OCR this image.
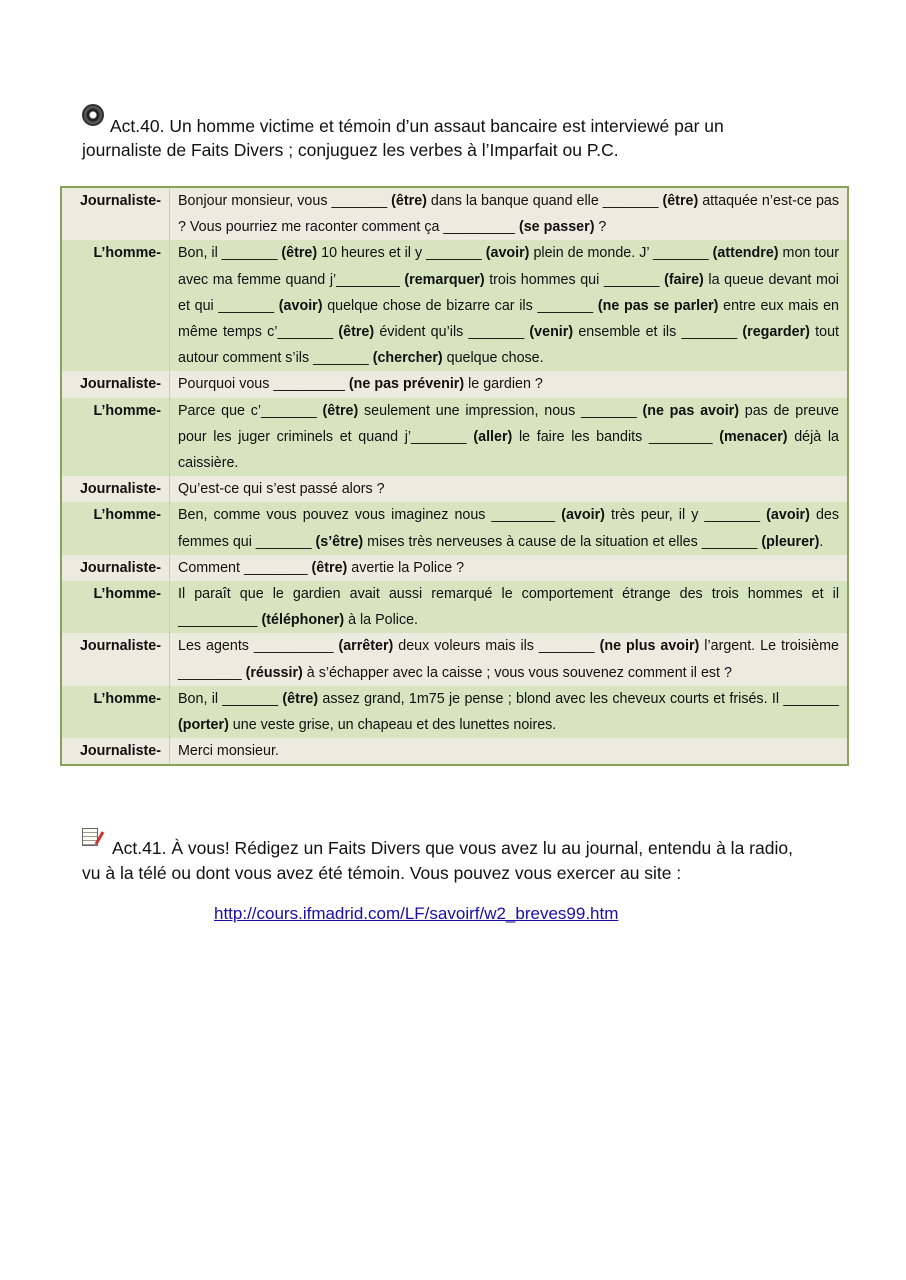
Act.40. Un homme victime et témoin d’un assaut bancaire est interviewé par un journaliste de Faits Divers ; conjuguez les verbes à l’Imparfait ou P.C.
Journaliste-	Bonjour monsieur, vous _______ (être) dans la banque quand elle _______ (être) attaquée n’est-ce pas ? Vous pourriez me raconter comment ça _________ (se passer) ?
L’homme-	Bon, il _______ (être) 10 heures et il y _______ (avoir) plein de monde. J’ _______ (attendre) mon tour avec ma femme quand j’________ (remarquer) trois hommes qui _______ (faire) la queue devant moi et qui _______ (avoir) quelque chose de bizarre car ils _______ (ne pas se parler) entre eux mais en même temps c’_______ (être) évident qu’ils _______ (venir) ensemble et ils _______ (regarder) tout autour comment s’ils _______ (chercher) quelque chose.
Journaliste-	Pourquoi vous _________ (ne pas prévenir) le gardien ?
L’homme-	Parce que c’_______ (être) seulement une impression, nous _______ (ne pas avoir) pas de preuve pour les juger criminels et quand j’_______ (aller) le faire les bandits ________ (menacer) déjà la caissière.
Journaliste-	Qu’est-ce qui s’est passé alors ?
L’homme-	Ben, comme vous pouvez vous imaginez nous ________ (avoir) très peur, il y _______ (avoir) des femmes qui _______ (s’être) mises très nerveuses à cause de la situation et elles _______ (pleurer).
Journaliste-	Comment ________ (être) avertie la Police ?
L’homme-	Il paraît que le gardien avait aussi remarqué le comportement étrange des trois hommes et il __________ (téléphoner) à la Police.
Journaliste-	Les agents __________ (arrêter) deux voleurs mais ils _______ (ne plus avoir) l’argent. Le troisième ________ (réussir) à s’échapper avec la caisse ; vous vous souvenez comment il est ?
L’homme-	Bon, il _______ (être) assez grand, 1m75 je pense ; blond avec les cheveux courts et frisés. Il _______ (porter) une veste grise, un chapeau et des lunettes noires.
Journaliste-	Merci monsieur.
Act.41. À vous! Rédigez un Faits Divers que vous avez lu au journal, entendu à la radio, vu à la télé ou dont vous avez été témoin. Vous pouvez vous exercer au site :
http://cours.ifmadrid.com/LF/savoirf/w2_breves99.htm
